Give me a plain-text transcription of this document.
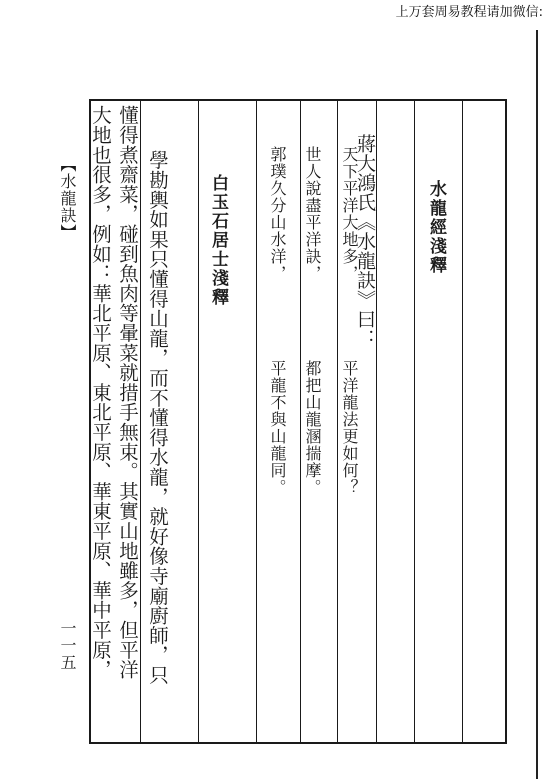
上万套周易教程请加微信:
水龍經淺釋
蔣大鴻氏《水龍訣》曰：
天下平洋大地多，
平洋龍法更如何？
世人說盡平洋訣，
都把山龍溷揣摩。
郭璞久分山水洋，
平龍不與山龍同。
白玉石居士淺釋
學勘輿如果只懂得山龍，而不懂得水龍，就好像寺廟廚師，只
懂得煮齋菜，碰到魚肉等暈菜就措手無束。其實山地雖多，但平洋
大地也很多，例如：華北平原、東北平原、華東平原、華中平原，
【水龍訣】
一一五
